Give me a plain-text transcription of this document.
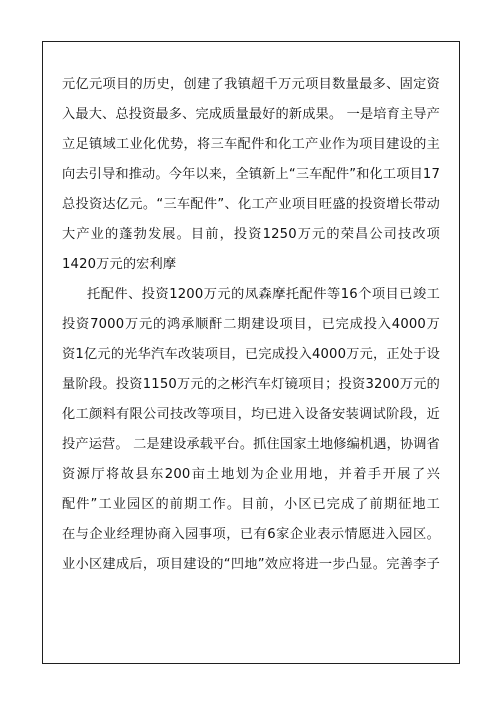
元亿元项目的历史，创建了我镇超千万元项目数量最多、固定资
入最大、总投资最多、完成质量最好的新成果。 一是培育主导产
立足镇域工业化优势，将三车配件和化工产业作为项目建设的主
向去引导和推动。今年以来，全镇新上“三车配件”和化工项目17
总投资达亿元。“三车配件”、化工产业项目旺盛的投资增长带动
大产业的蓬勃发展。目前，投资1250万元的荣昌公司技改项
1420万元的宏利摩
托配件、投资1200万元的凤森摩托配件等16个项目已竣工
投资7000万元的鸿承顺酐二期建设项目，已完成投入4000万
资1亿元的光华汽车改装项目，已完成投入4000万元，正处于设
量阶段。投资1150万元的之彬汽车灯镜项目；投资3200万元的
化工颜料有限公司技改等项目，均已进入设备安装调试阶段，近
投产运营。 二是建设承载平台。抓住国家土地修编机遇，协调省
资源厅将故县东200亩土地划为企业用地，并着手开展了兴
配件”工业园区的前期工作。目前，小区已完成了前期征地工
在与企业经理协商入园事项，已有6家企业表示情愿进入园区。
业小区建成后，项目建设的“凹地”效应将进一步凸显。完善李子
